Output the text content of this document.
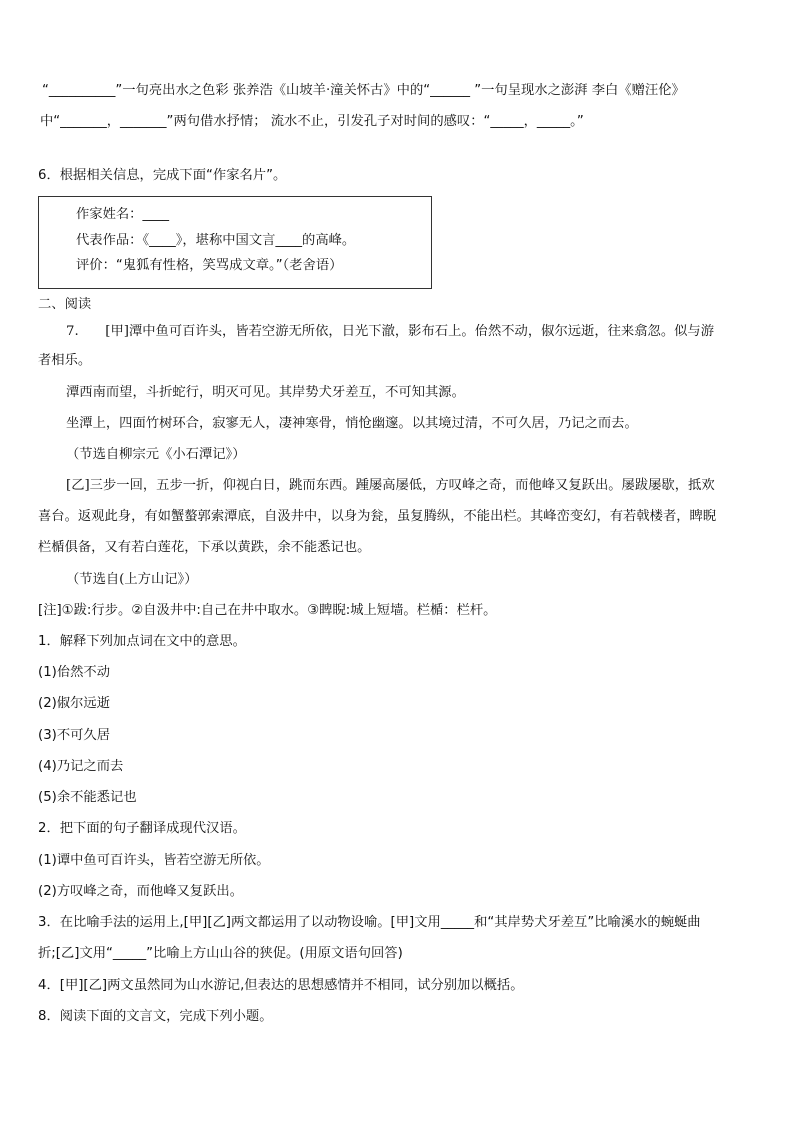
“__________”一句亮出水之色彩 张养浩《山坡羊·潼关怀古》中的“______ ”一句呈现水之澎湃 李白《赠汪伦》
中“_______，_______”两句借水抒情； 流水不止，引发孔子对时间的感叹：“_____，_____。”
6．根据相关信息，完成下面“作家名片”。
作家姓名：____
代表作品：《____》，堪称中国文言____的高峰。
评价：“鬼狐有性格，笑骂成文章。”（老舍语）
二、阅读
7.　　[甲]潭中鱼可百许头，皆若空游无所依，日光下澈，影布石上。佁然不动，俶尔远逝，往来翕忽。似与游
者相乐。
潭西南而望，斗折蛇行，明灭可见。其岸势犬牙差互，不可知其源。
坐潭上，四面竹树环合，寂寥无人，凄神寒骨，悄怆幽邃。以其境过清，不可久居，乃记之而去。
（节选自柳宗元《小石潭记》）
[乙]三步一回，五步一折，仰视白日，跳而东西。踵屡高屡低，方叹峰之奇，而他峰又复跃出。屡跋屡歇，抵欢
喜台。返观此身，有如蟹螯郭索潭底，自汲井中，以身为瓮，虽复腾纵，不能出栏。其峰峦变幻，有若戟楼者，睥睨
栏楯俱备，又有若白莲花，下承以黄跌，余不能悉记也。
（节选自(上方山记》）
[注]①跋:行步。②自汲井中:自己在井中取水。③睥睨:城上短墙。栏楯：栏杆。
1．解释下列加点词在文中的意思。
(1)佁然不动
(2)俶尔远逝
(3)不可久居
(4)乃记之而去
(5)余不能悉记也
2．把下面的句子翻译成现代汉语。
(1)谭中鱼可百许头，皆若空游无所依。
(2)方叹峰之奇，而他峰又复跃出。
3．在比喻手法的运用上,[甲][乙]两文都运用了以动物设喻。[甲]文用_____和“其岸势犬牙差互”比喻溪水的蜿蜒曲
折;[乙]文用“_____”比喻上方山山谷的狭促。(用原文语句回答)
4．[甲][乙]两文虽然同为山水游记,但表达的思想感情并不相同，试分别加以概括。
8．阅读下面的文言文，完成下列小题。
